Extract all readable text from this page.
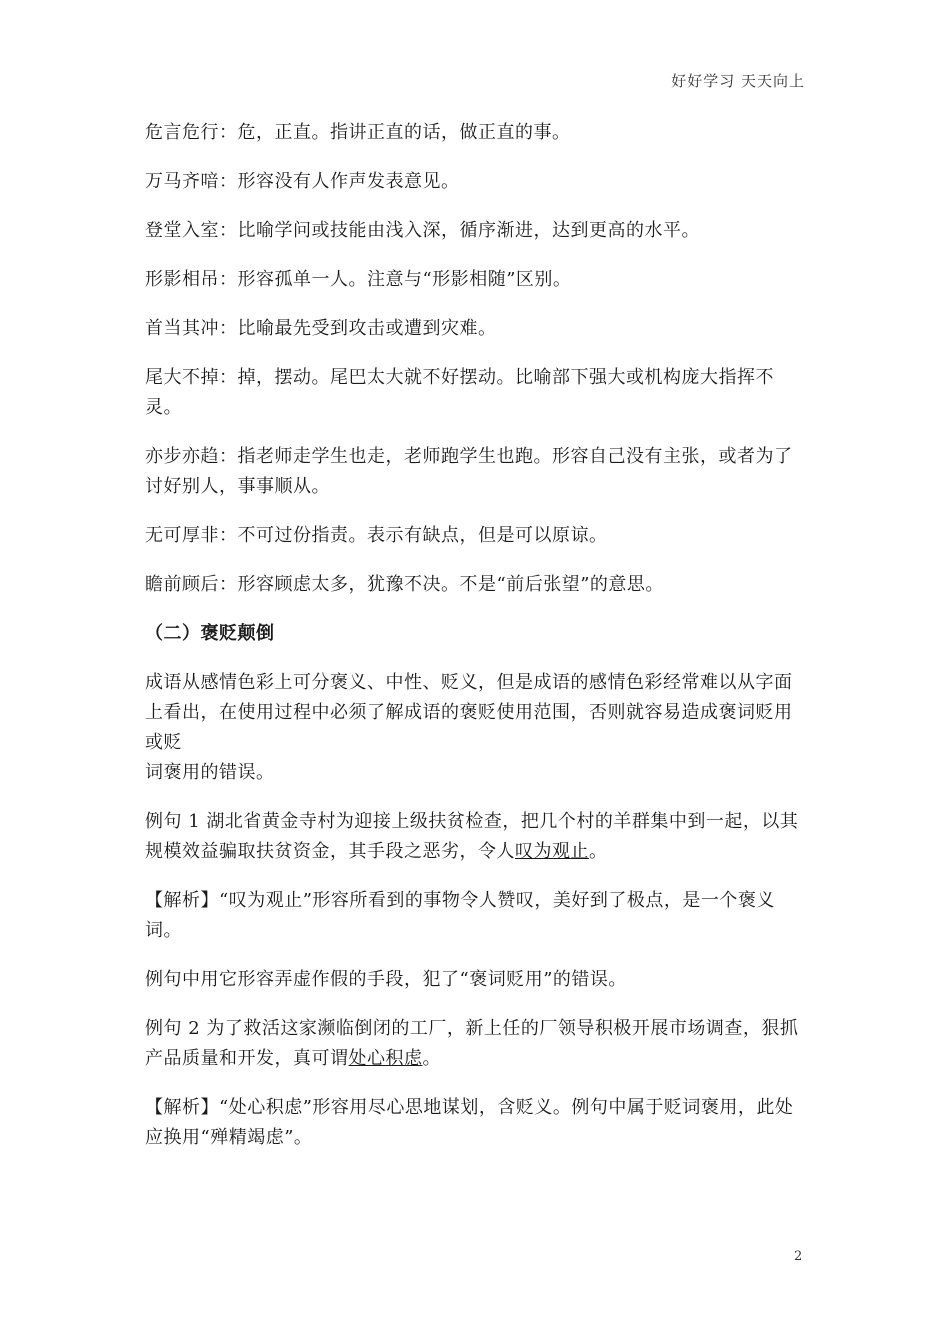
好好学习 天天向上

危言危行：危，正直。指讲正直的话，做正直的事。

万马齐喑：形容没有人作声发表意见。

登堂入室：比喻学问或技能由浅入深，循序渐进，达到更高的水平。

形影相吊：形容孤单一人。注意与“形影相随”区别。

首当其冲：比喻最先受到攻击或遭到灾难。

尾大不掉：掉，摆动。尾巴太大就不好摆动。比喻部下强大或机构庞大指挥不灵。

亦步亦趋：指老师走学生也走，老师跑学生也跑。形容自己没有主张，或者为了讨好别人，事事顺从。

无可厚非：不可过份指责。表示有缺点，但是可以原谅。

瞻前顾后：形容顾虑太多，犹豫不决。不是“前后张望”的意思。

（二）褒贬颠倒

成语从感情色彩上可分褒义、中性、贬义，但是成语的感情色彩经常难以从字面上看出，在使用过程中必须了解成语的褒贬使用范围，否则就容易造成褒词贬用或贬

词褒用的错误。

例句 1 湖北省黄金寺村为迎接上级扶贫检查，把几个村的羊群集中到一起，以其规模效益骗取扶贫资金，其手段之恶劣，令人叹为观止。

【解析】“叹为观止”形容所看到的事物令人赞叹，美好到了极点，是一个褒义词。

例句中用它形容弄虚作假的手段，犯了“褒词贬用”的错误。

例句 2 为了救活这家濒临倒闭的工厂，新上任的厂领导积极开展市场调查，狠抓产品质量和开发，真可谓处心积虑。

【解析】“处心积虑”形容用尽心思地谋划，含贬义。例句中属于贬词褒用，此处应换用“殚精竭虑”。

2
